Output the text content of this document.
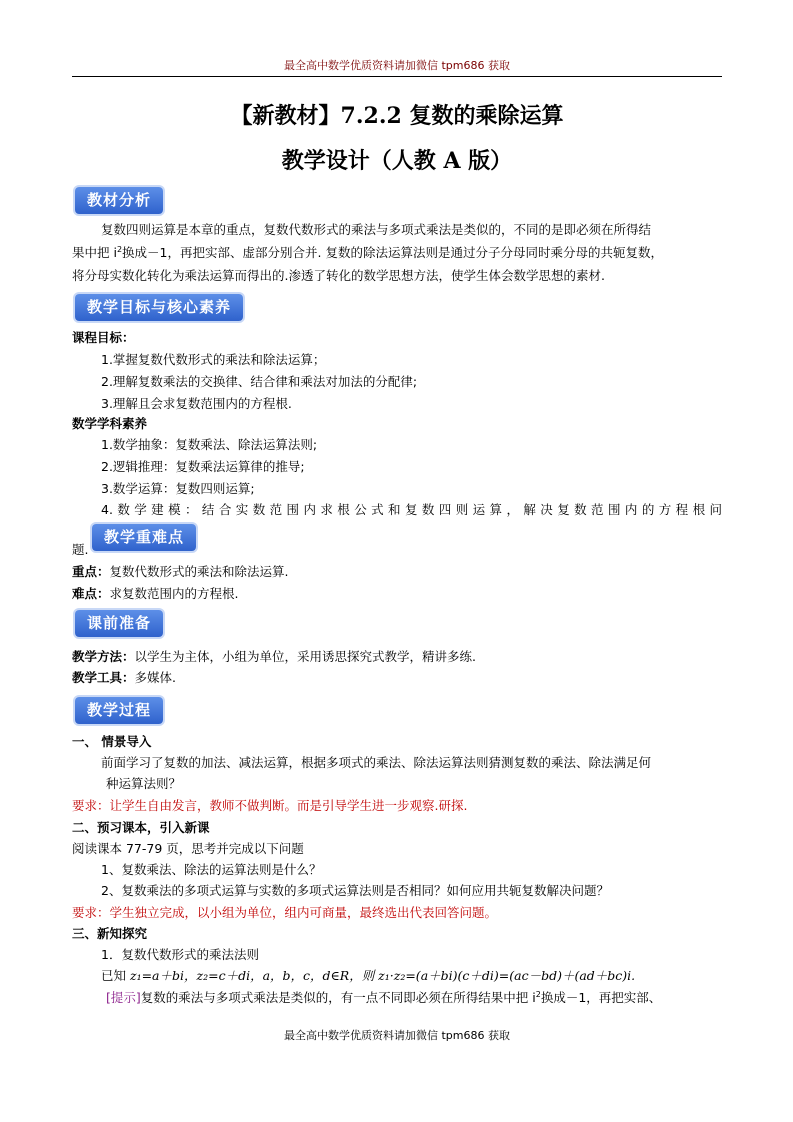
最全高中数学优质资料请加微信 tpm686 获取
【新教材】7.2.2 复数的乘除运算
教学设计（人教 A 版）
教材分析
复数四则运算是本章的重点，复数代数形式的乘法与多项式乘法是类似的，不同的是即必须在所得结
果中把 $i^2$换成－1，再把实部、虚部分别合并. 复数的除法运算法则是通过分子分母同时乘分母的共轭复数，
将分母实数化转化为乘法运算而得出的.渗透了转化的数学思想方法，使学生体会数学思想的素材.
教学目标与核心素养
课程目标：
1.掌握复数代数形式的乘法和除法运算；
2.理解复数乘法的交换律、结合律和乘法对加法的分配律;
3.理解且会求复数范围内的方程根.
数学学科素养
1.数学抽象：复数乘法、除法运算法则;
2.逻辑推理：复数乘法运算律的推导;
3.数学运算：复数四则运算;
4.数学建模：结合实数范围内求根公式和复数四则运算，解决复数范围内的方程根问
题.
教学重难点
重点：复数代数形式的乘法和除法运算.
难点：求复数范围内的方程根.
课前准备
教学方法：以学生为主体，小组为单位，采用诱思探究式教学，精讲多练.
教学工具：多媒体.
教学过程
一、 情景导入
前面学习了复数的加法、减法运算，根据多项式的乘法、除法运算法则猜测复数的乘法、除法满足何
种运算法则？
要求：让学生自由发言，教师不做判断。而是引导学生进一步观察.研探.
二、预习课本，引入新课
阅读课本 77-79 页，思考并完成以下问题
1、复数乘法、除法的运算法则是什么？
2、复数乘法的多项式运算与实数的多项式运算法则是否相同？如何应用共轭复数解决问题？
要求：学生独立完成，以小组为单位，组内可商量，最终选出代表回答问题。
三、新知探究
1．复数代数形式的乘法法则
已知 z₁=a＋bi，z₂=c＋di，a，b，c，d∈R，则 z₁·z₂=(a＋bi)(c＋di)=(ac－bd)＋(ad＋bc)i.
[提示]复数的乘法与多项式乘法是类似的，有一点不同即必须在所得结果中把 $i^2$换成－1，再把实部、
最全高中数学优质资料请加微信 tpm686 获取
